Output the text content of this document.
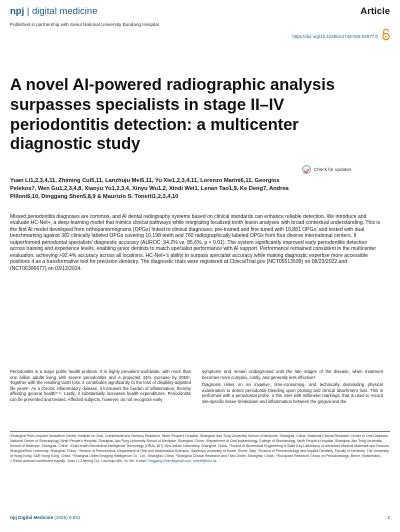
npj | digital medicine	Article
Published in partnership with Seoul National University Bundang Hospital
https://doi.org/10.1038/s41746-025-02077-0
A novel AI-powered radiographic analysis surpasses specialists in stage II–IV periodontitis detection: a multicenter diagnostic study
Check for updates
Yuan Li1,2,3,4,11, Zhiming Cui5,11, Lanzhuju Mei5,11, Yu Xie1,2,3,4,11, Lorenzo Marini6,11, Georgios Pelekos7, Wen Gu1,2,3,4,8, Xiaoyu Yu1,2,3,4, Xinyu Wu1,2, Xindi Wei1, Lenan Tao1,9, Ke Deng7, Andrea Pilloni6,10, Dinggang Shen5,8,9 & Maurizio S. Tonetti1,2,3,4,10
Missed periodontitis diagnoses are common, and AI dental radiography systems based on clinical standards can enhance reliable detection. We introduce and evaluate HC-Net+, a deep-learning model that mimics clinical pathways while integrating localized tooth lesion analyses with broad contextual understanding. This is the first AI model developed from orthopantomograms (OPGs) linked to clinical diagnoses, pre-trained and fine-tuned with 10,881 OPGs, and tested with dual benchmarking against 382 clinically labeled OPGs covering 10,198 teeth and 760 radiographically labeled OPGs from four diverse international centers. It outperformed periodontal specialists' diagnostic accuracy (AUROC: 94.2% vs. 85.6%, p < 0.01). The system significantly improved early periodontitis detection across training and experience levels, enabling junior dentists to match specialist performance with AI support. Performance remained consistent in the multicenter evaluation, achieving >92.4% accuracy across all locations. HC-Net+'s ability to surpass specialist accuracy while making diagnostic expertise more accessible positions it as a transformative tool for precision dentistry. The diagnostic trials were registered at ClinicalTrial.gov (NCT05513599) on 08/23/2022 and (NCT06306677) on 03/12/2024.

Periodontitis is a major public health problem. It is highly prevalent worldwide, with more than one billion adults living with severe periodontitis and a projected 44% increase by 2050¹. Together with the resulting tooth loss, it contributes significantly to the loss of disability-adjusted life years². As a chronic inflammatory disease, it increases the burden of inflammation, thereby affecting general health³⁻⁵. Lastly, it substantially increases health expenditures. Periodontitis can be prevented and treated. Affected subjects, however, do not recognize early

symptoms and remain undiagnosed until the late stages of the disease, when treatment becomes more complex, costly, and generally less effective⁶.

Diagnosis relies on an invasive, time-consuming, and technically demanding physical examination to detect periodontal bleeding upon probing and clinical attachment loss. This is performed with a periodontal probe, a thin ruler with millimeter markings, that is used to record site-specific tissue breakdown and inflammation between the gingiva and the

¹Shanghai Perio-Implant Innovation Center, Institute for Oral, Craniofacial and Sensory Research, Ninth People's Hospital, Shanghai Jiao Tong University School of Medicine, Shanghai, China. ²National Clinical Research Center of Oral Diseases, National Center of Stomatology, Ninth People's Hospital, Shanghai Jiao Tong University School of Medicine, Shanghai, China. ³Department of Oral Implantology, College of Stomatology, Ninth People's Hospital, Shanghai Jiao Tong University School of Medicine, Shanghai, China. ⁴Oral Health Biomedical Intelligence Technology (ORAL-BIT) Sino-Italian Laboratory, Shanghai, China. ⁵School of Biomedical Engineering & State Key Laboratory of Advanced Medical Materials and Devices, ShanghaiTech University, Shanghai, China. ⁶Section of Periodontics, Department of Oral and Maxillofacial Sciences, Sapienza University of Rome, Rome, Italy. ⁷Division of Periodontology and Implant Dentistry, Faculty of Dentistry, The University of Hong Kong, SAR Hong Kong, China. ⁸Shanghai United Imaging Intelligence Co., Ltd., Shanghai, China. ⁹Shanghai Clinical Research and Trial Center, Shanghai, China. ¹⁰European Research Group on Periodontology, Berne, Switzerland. ¹¹These authors contributed equally: Yuan Li, Zhiming Cui, Lanzhuju Mei, Yu Xie. e-mail: Dinggang.Shen@gmail.com; tonetti@hku.hk
npj Digital Medicine (2025) 8:691	1
